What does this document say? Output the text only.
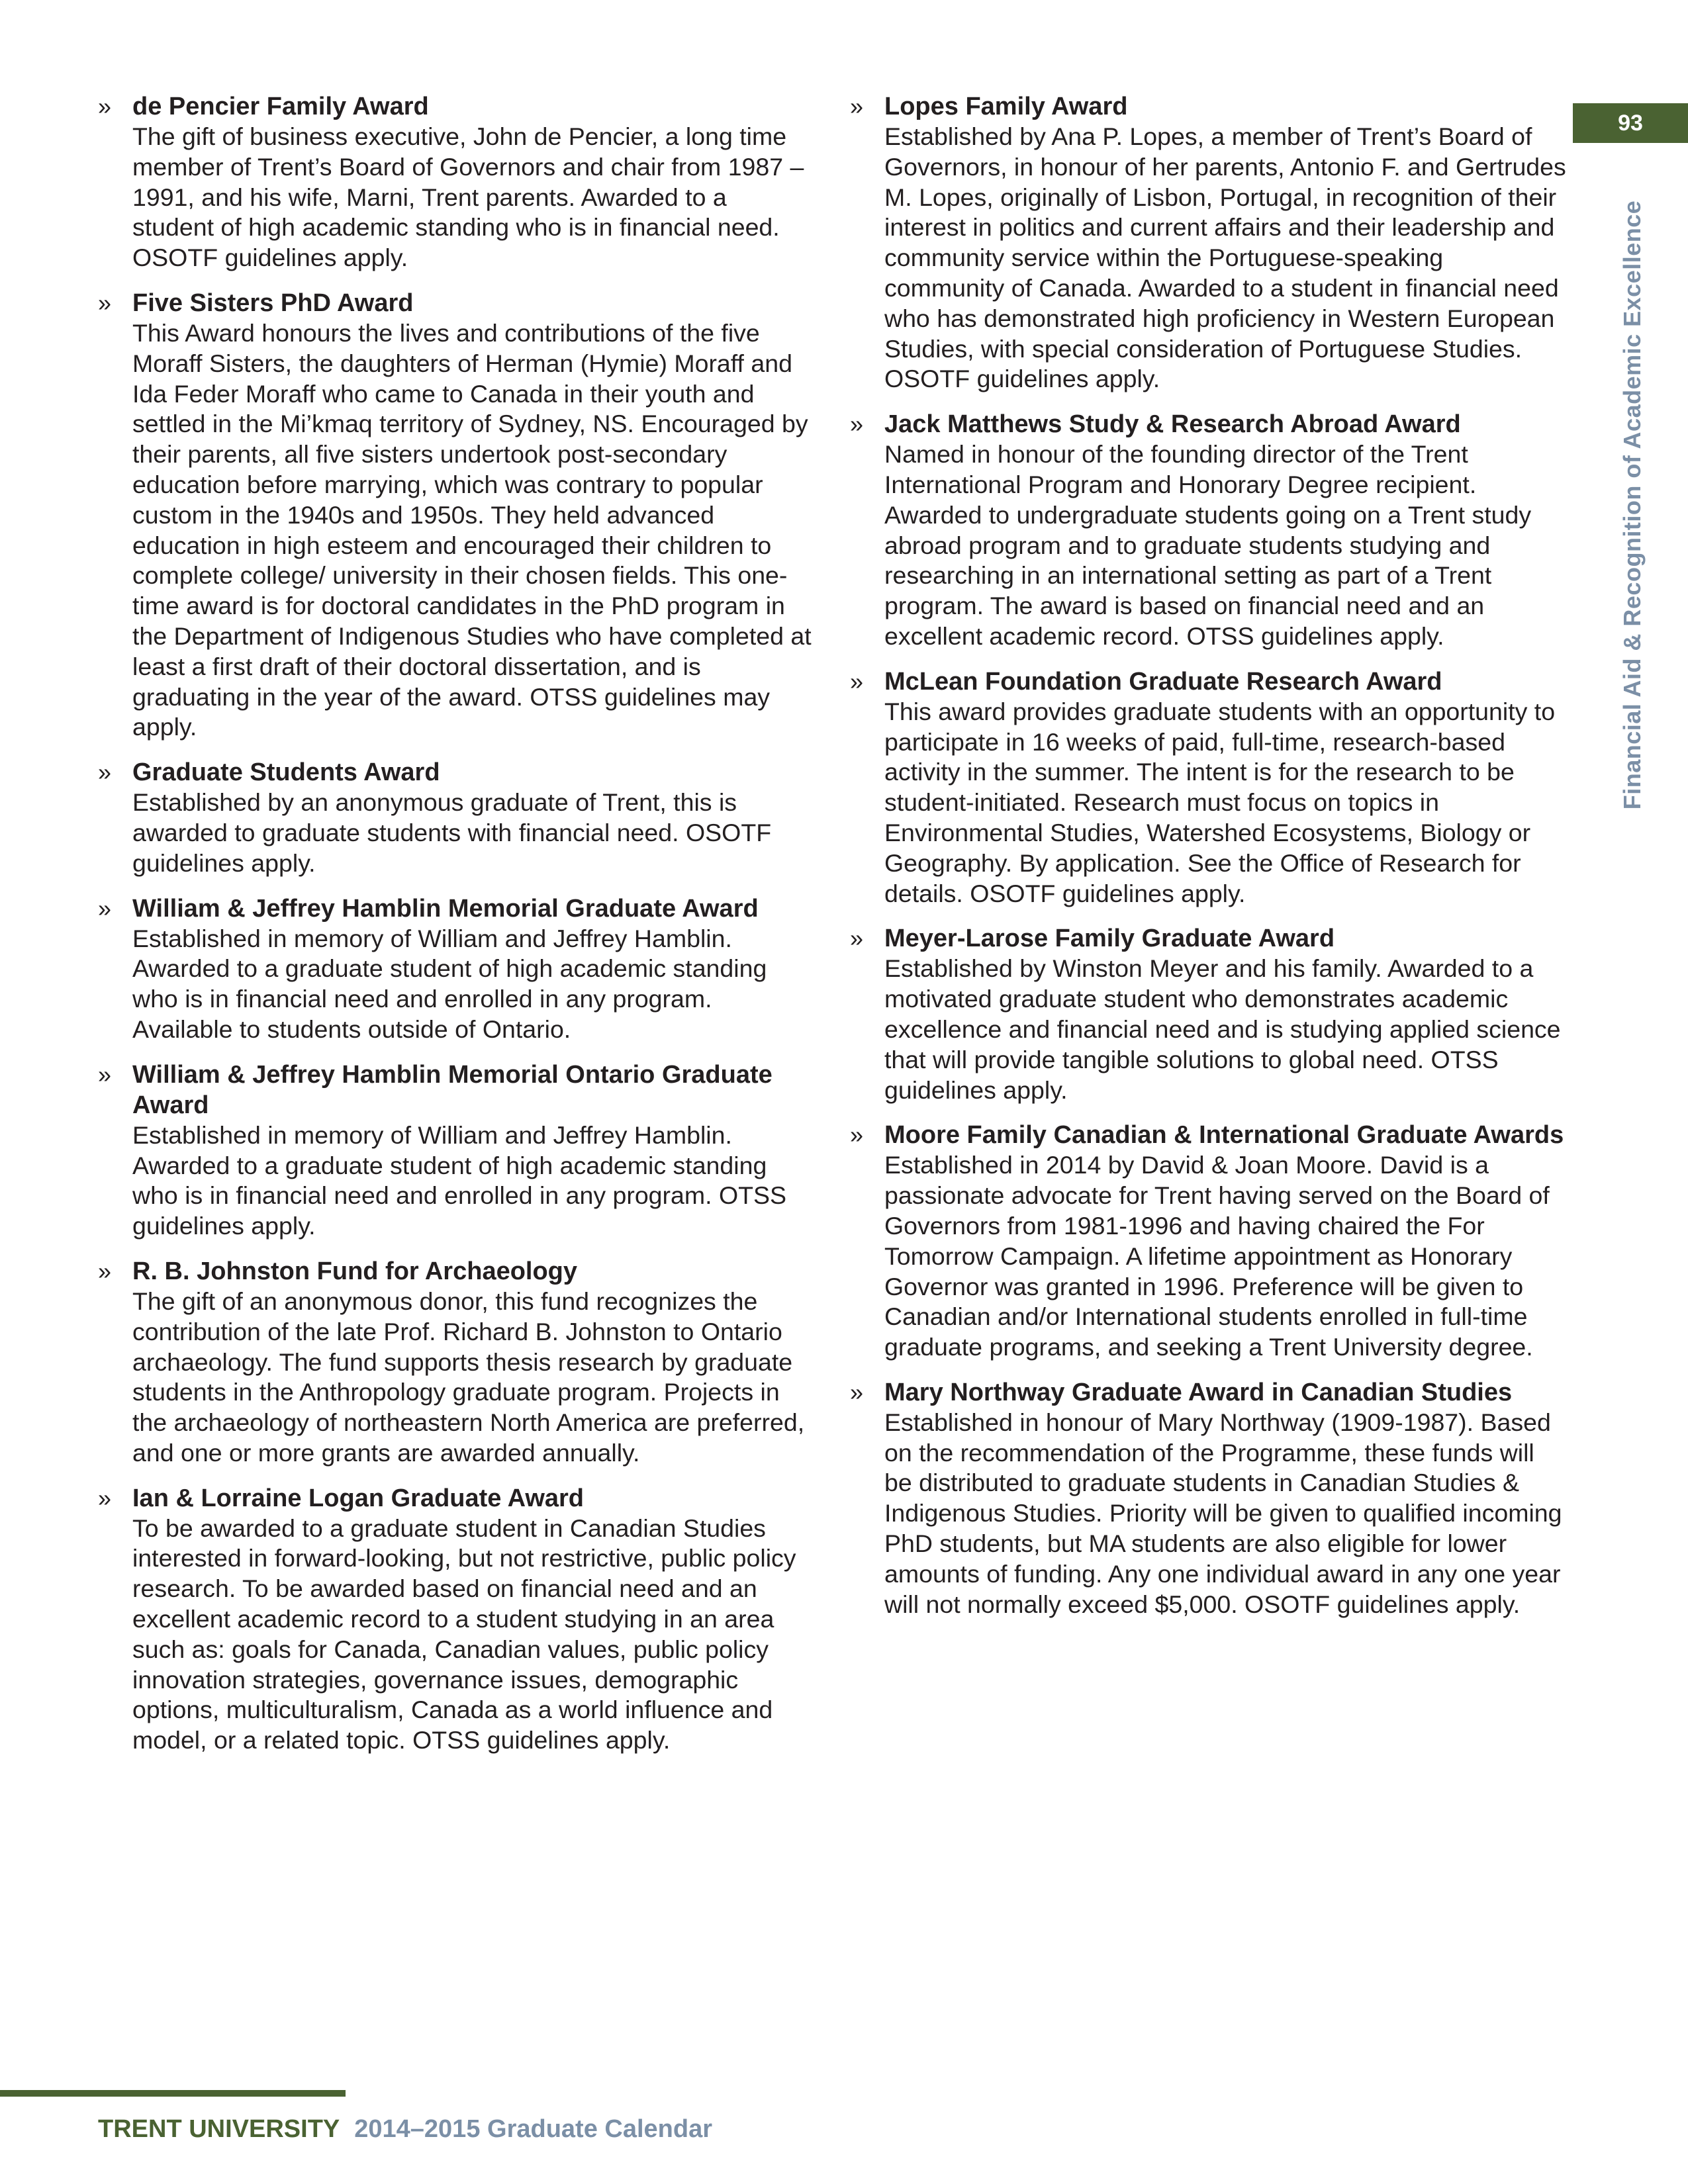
93
Financial Aid & Recognition of Academic Excellence
» de Pencier Family Award
The gift of business executive, John de Pencier, a long time member of Trent’s Board of Governors and chair from 1987 – 1991, and his wife, Marni, Trent parents. Awarded to a student of high academic standing who is in financial need. OSOTF guidelines apply.
» Five Sisters PhD Award
This Award honours the lives and contributions of the five Moraff Sisters, the daughters of Herman (Hymie) Moraff and Ida Feder Moraff who came to Canada in their youth and settled in the Mi’kmaq territory of Sydney, NS. Encouraged by their parents, all five sisters undertook post-secondary education before marrying, which was contrary to popular custom in the 1940s and 1950s. They held advanced education in high esteem and encouraged their children to complete college/ university in their chosen fields. This one-time award is for doctoral candidates in the PhD program in the Department of Indigenous Studies who have completed at least a first draft of their doctoral dissertation, and is graduating in the year of the award. OTSS guidelines may apply.
» Graduate Students Award
Established by an anonymous graduate of Trent, this is awarded to graduate students with financial need. OSOTF guidelines apply.
» William & Jeffrey Hamblin Memorial Graduate Award
Established in memory of William and Jeffrey Hamblin. Awarded to a graduate student of high academic standing who is in financial need and enrolled in any program. Available to students outside of Ontario.
» William & Jeffrey Hamblin Memorial Ontario Graduate Award
Established in memory of William and Jeffrey Hamblin. Awarded to a graduate student of high academic standing who is in financial need and enrolled in any program. OTSS guidelines apply.
» R. B. Johnston Fund for Archaeology
The gift of an anonymous donor, this fund recognizes the contribution of the late Prof. Richard B. Johnston to Ontario archaeology. The fund supports thesis research by graduate students in the Anthropology graduate program. Projects in the archaeology of northeastern North America are preferred, and one or more grants are awarded annually.
» Ian & Lorraine Logan Graduate Award
To be awarded to a graduate student in Canadian Studies interested in forward-looking, but not restrictive, public policy research. To be awarded based on financial need and an excellent academic record to a student studying in an area such as: goals for Canada, Canadian values, public policy innovation strategies, governance issues, demographic options, multiculturalism, Canada as a world influence and model, or a related topic. OTSS guidelines apply.
» Lopes Family Award
Established by Ana P. Lopes, a member of Trent’s Board of Governors, in honour of her parents, Antonio F. and Gertrudes M. Lopes, originally of Lisbon, Portugal, in recognition of their interest in politics and current affairs and their leadership and community service within the Portuguese-speaking community of Canada. Awarded to a student in financial need who has demonstrated high proficiency in Western European Studies, with special consideration of Portuguese Studies. OSOTF guidelines apply.
» Jack Matthews Study & Research Abroad Award
Named in honour of the founding director of the Trent International Program and Honorary Degree recipient. Awarded to undergraduate students going on a Trent study abroad program and to graduate students studying and researching in an international setting as part of a Trent program. The award is based on financial need and an excellent academic record. OTSS guidelines apply.
» McLean Foundation Graduate Research Award
This award provides graduate students with an opportunity to participate in 16 weeks of paid, full-time, research-based activity in the summer. The intent is for the research to be student-initiated. Research must focus on topics in Environmental Studies, Watershed Ecosystems, Biology or Geography. By application. See the Office of Research for details. OSOTF guidelines apply.
» Meyer-Larose Family Graduate Award
Established by Winston Meyer and his family. Awarded to a motivated graduate student who demonstrates academic excellence and financial need and is studying applied science that will provide tangible solutions to global need. OTSS guidelines apply.
» Moore Family Canadian & International Graduate Awards
Established in 2014 by David & Joan Moore. David is a passionate advocate for Trent having served on the Board of Governors from 1981-1996 and having chaired the For Tomorrow Campaign. A lifetime appointment as Honorary Governor was granted in 1996. Preference will be given to Canadian and/or International students enrolled in full-time graduate programs, and seeking a Trent University degree.
» Mary Northway Graduate Award in Canadian Studies
Established in honour of Mary Northway (1909-1987). Based on the recommendation of the Programme, these funds will be distributed to graduate students in Canadian Studies & Indigenous Studies. Priority will be given to qualified incoming PhD students, but MA students are also eligible for lower amounts of funding. Any one individual award in any one year will not normally exceed $5,000. OSOTF guidelines apply.
TRENT UNIVERSITY 2014–2015 Graduate Calendar
